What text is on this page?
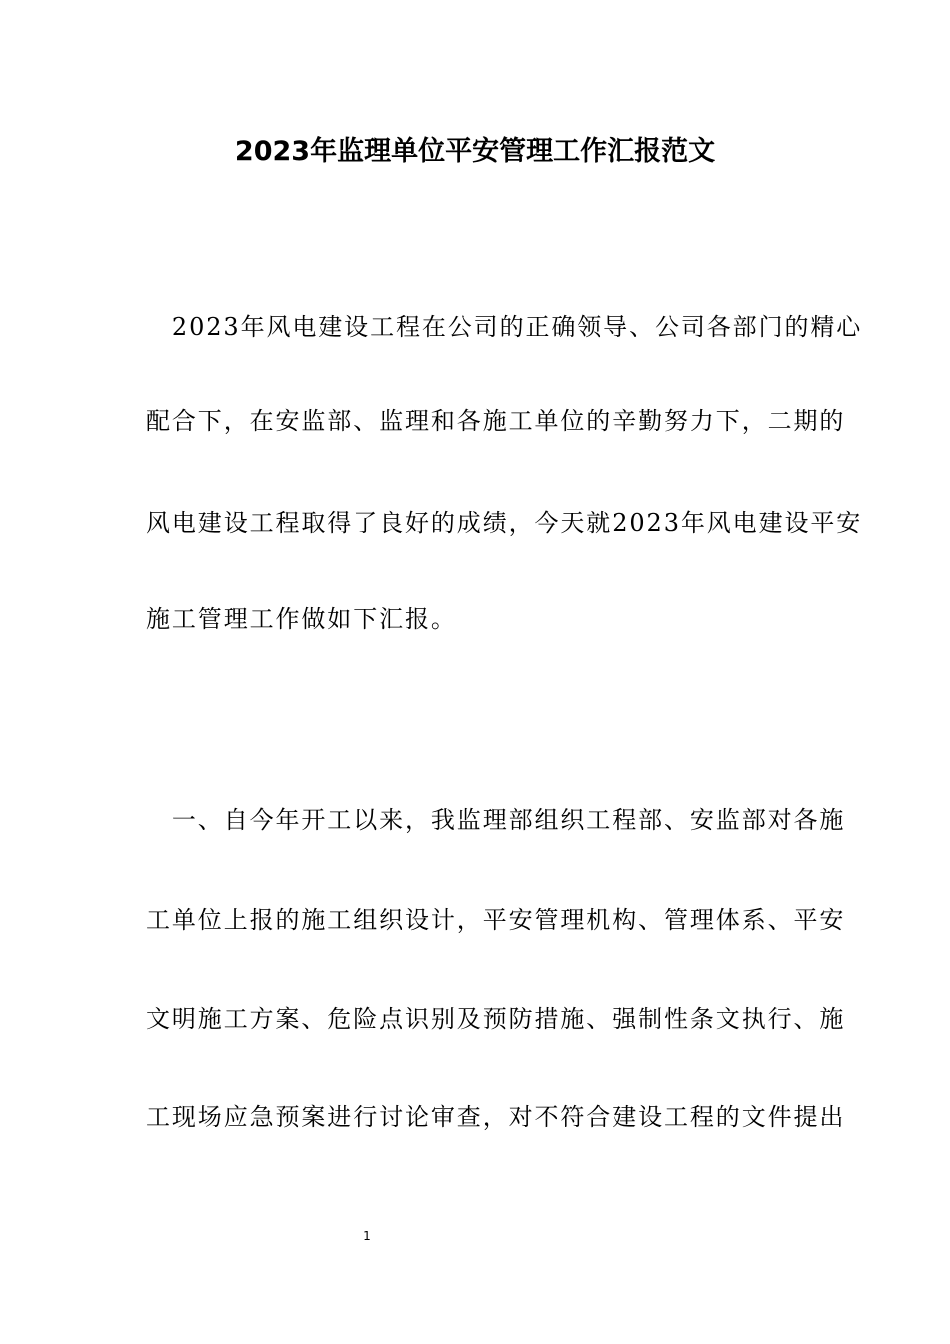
2023年监理单位平安管理工作汇报范文
　2023年风电建设工程在公司的正确领导、公司各部门的精心
配合下，在安监部、监理和各施工单位的辛勤努力下，二期的
风电建设工程取得了良好的成绩，今天就2023年风电建设平安
施工管理工作做如下汇报。
　一、自今年开工以来，我监理部组织工程部、安监部对各施
工单位上报的施工组织设计，平安管理机构、管理体系、平安
文明施工方案、危险点识别及预防措施、强制性条文执行、施
工现场应急预案进行讨论审查，对不符合建设工程的文件提出
1
